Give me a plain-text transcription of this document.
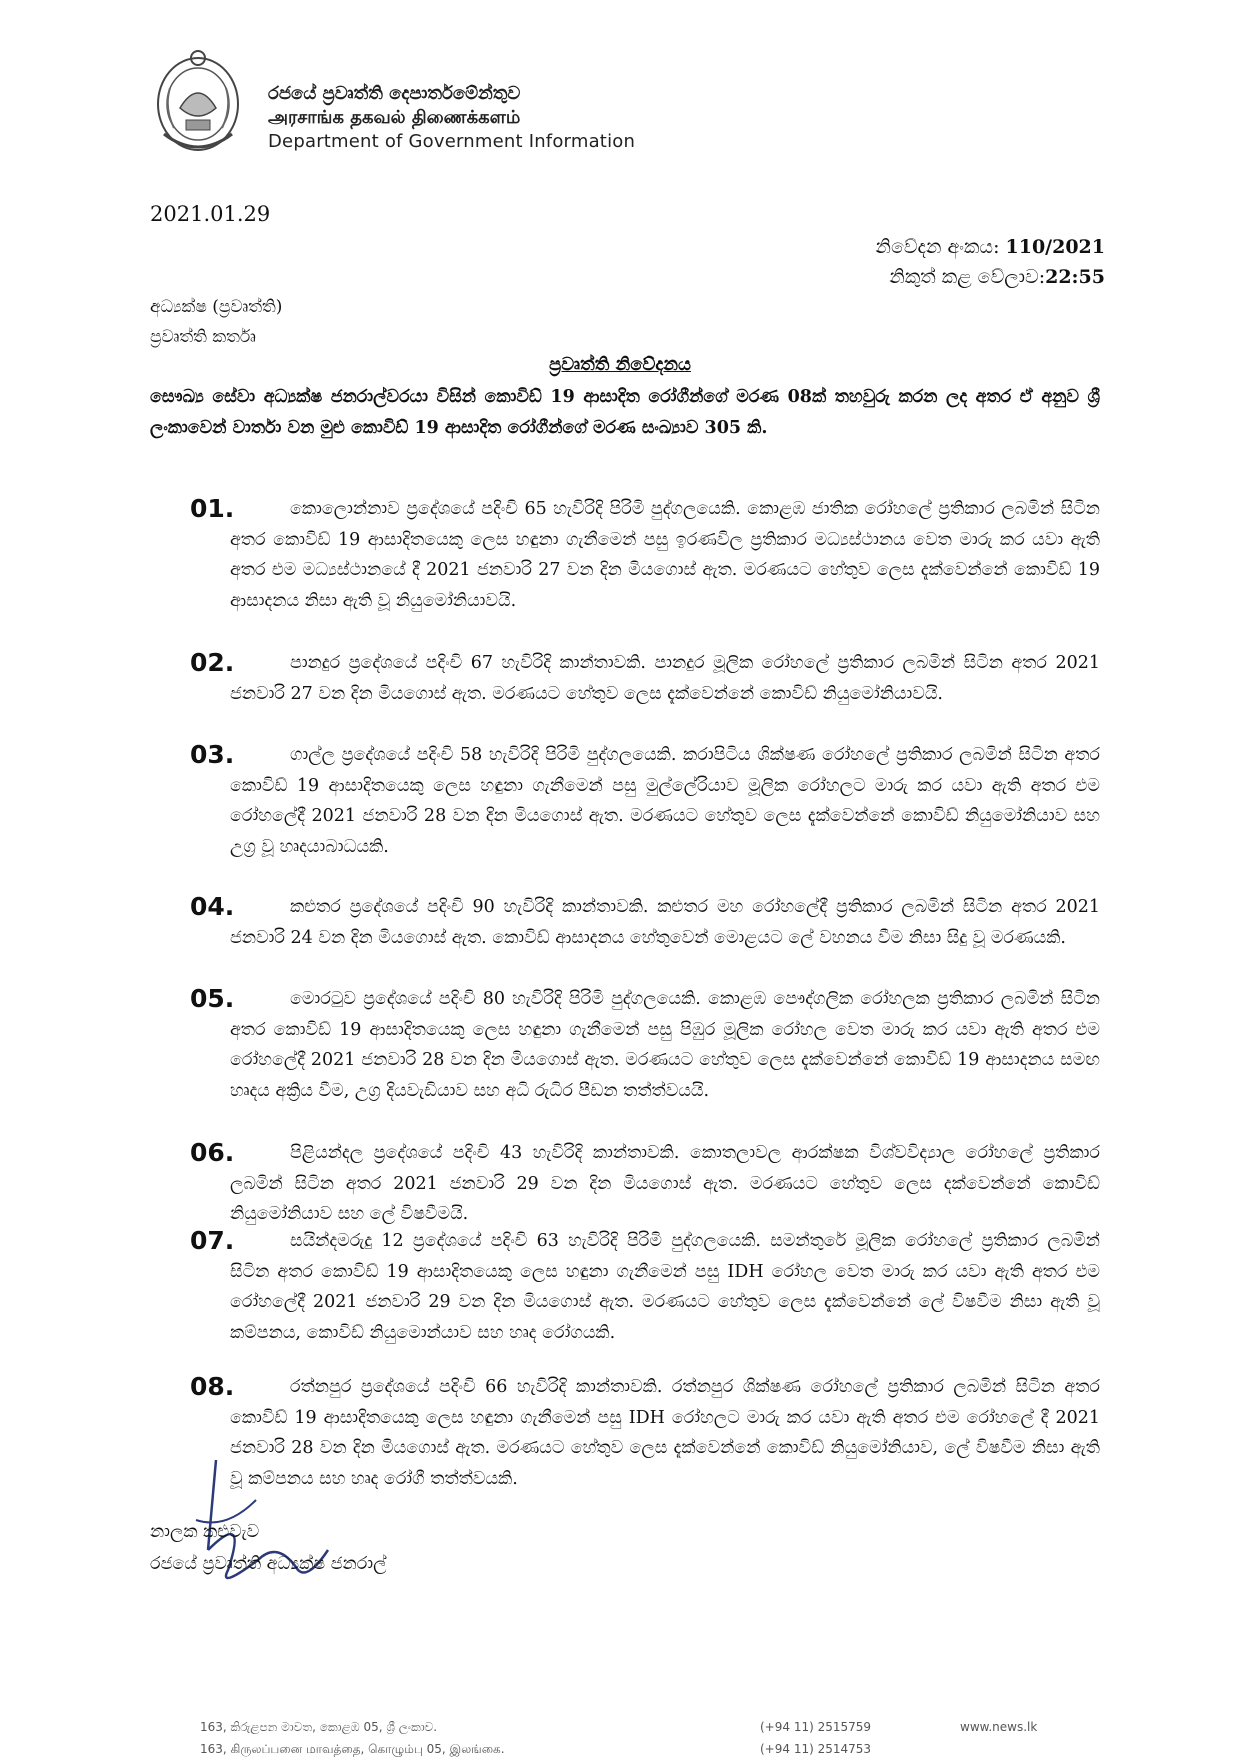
රජයේ ප්‍රවෘත්ති දෙපාර්තමේන්තුව
அரசாங்க தகவல் திணைக்களம்
Department of Government Information
2021.01.29
නිවේදන අංකය: 110/2021
නිකුත් කළ වේලාව:22:55
අධ්‍යක්ෂ (ප්‍රවෘත්ති)
ප්‍රවෘත්ති කර්තෘ
ප්‍රවෘත්ති නිවේදනය
සෞඛ්‍ය සේවා අධ්‍යක්ෂ ජනරාල්වරයා විසින් කොවිඩ් 19 ආසාදිත රෝගීන්ගේ මරණ 08ක් තහවුරු කරන ලද අතර ඒ අනුව ශ්‍රී ලංකාවෙන් වාර්තා වන මුළු කොවිඩ් 19 ආසාදිත රෝගීන්ගේ මරණ සංඛ්‍යාව 305 කි.
01.	කොලොන්නාව ප්‍රදේශයේ පදිංචි 65 හැවිරිදි පිරිමි පුද්ගලයෙකි. කොළඹ ජාතික රෝහලේ ප්‍රතිකාර ලබමින් සිටින අතර කොවිඩ් 19 ආසාදිතයෙකු ලෙස හඳුනා ගැනීමෙන් පසු ඉරණවිල ප්‍රතිකාර මධ්‍යස්ථානය වෙත මාරු කර යවා ඇති අතර එම මධ්‍යස්ථානයේ දී 2021 ජනවාරි 27 වන දින මියගොස් ඇත. මරණයට හේතුව ලෙස දැක්වෙන්නේ කොවිඩ් 19 ආසාදනය නිසා ඇති වූ නියුමෝනියාවයි.
02.	පානදුර ප්‍රදේශයේ පදිංචි 67 හැවිරිදි කාන්තාවකි. පානදුර මූලික රෝහලේ ප්‍රතිකාර ලබමින් සිටින අතර 2021 ජනවාරි 27 වන දින මියගොස් ඇත. මරණයට හේතුව ලෙස දැක්වෙන්නේ කොවිඩ් නියුමෝනියාවයි.
03.	ගාල්ල ප්‍රදේශයේ පදිංචි 58 හැවිරිදි පිරිමි පුද්ගලයෙකි. කරාපිටිය ශික්ෂණ රෝහලේ ප්‍රතිකාර ලබමින් සිටින අතර කොවිඩ් 19 ආසාදිතයෙකු ලෙස හඳුනා ගැනීමෙන් පසු මුල්ලේරියාව මූලික රෝහලට මාරු කර යවා ඇති අතර එම රෝහලේදී 2021 ජනවාරි 28 වන දින මියගොස් ඇත. මරණයට හේතුව ලෙස දැක්වෙන්නේ කොවිඩ් නියුමෝනියාව සහ උග්‍ර වූ හෘදයාබාධයකි.
04.	කළුතර ප්‍රදේශයේ පදිංචි 90 හැවිරිදි කාන්තාවකි. කළුතර මහ රෝහලේදී ප්‍රතිකාර ලබමින් සිටින අතර 2021 ජනවාරි 24 වන දින මියගොස් ඇත. කොවිඩ් ආසාදනය හේතුවෙන් මොළයට ලේ වහනය වීම නිසා සිදු වූ මරණයකි.
05.	මොරටුව ප්‍රදේශයේ පදිංචි 80 හැවිරිදි පිරිමි පුද්ගලයෙකි. කොළඹ පෞද්ගලික රෝහලක ප්‍රතිකාර ලබමින් සිටින අතර කොවිඩ් 19 ආසාදිතයෙකු ලෙස හඳුනා ගැනීමෙන් පසු පිඹුර මූලික රෝහල වෙත මාරු කර යවා ඇති අතර එම රෝහලේදී 2021 ජනවාරි 28 වන දින මියගොස් ඇත. මරණයට හේතුව ලෙස දැක්වෙන්නේ කොවිඩ් 19 ආසාදනය සමඟ හෘදය අක්‍රිය වීම, උග්‍ර දියවැඩියාව සහ අධි රුධිර පීඩන තත්ත්වයයි.
06.	පිළියන්දල ප්‍රදේශයේ පදිංචි 43 හැවිරිදි කාන්තාවකි. කොතලාවල ආරක්ෂක විශ්වවිද්‍යාල රෝහලේ ප්‍රතිකාර ලබමින් සිටින අතර 2021 ජනවාරි 29 වන දින මියගොස් ඇත. මරණයට හේතුව ලෙස දක්වෙන්නේ කොවිඩ් නියුමෝනියාව සහ ලේ විෂවීමයි.
07.	සයින්දමරුදු 12 ප්‍රදේශයේ පදිංචි 63 හැවිරිදි පිරිමි පුද්ගලයෙකි. සමන්තුරේ මූලික රෝහලේ ප්‍රතිකාර ලබමින් සිටින අතර කොවිඩ් 19 ආසාදිතයෙකු ලෙස හඳුනා ගැනීමෙන් පසු IDH රෝහල වෙත මාරු කර යවා ඇති අතර එම රෝහලේදී 2021 ජනවාරි 29 වන දින මියගොස් ඇත. මරණයට හේතුව ලෙස දැක්වෙන්නේ ලේ විෂවීම නිසා ඇති වූ කම්පනය, කොවිඩ් නියුමොන්යාව සහ හෘද රෝගයකි.
08.	රත්නපුර ප්‍රදේශයේ පදිංචි 66 හැවිරිදි කාන්තාවකි. රත්නපුර ශික්ෂණ රෝහලේ ප්‍රතිකාර ලබමින් සිටින අතර කොවිඩ් 19 ආසාදිතයෙකු ලෙස හඳුනා ගැනීමෙන් පසු IDH රෝහලට මාරු කර යවා ඇති අතර එම රෝහලේ දී 2021 ජනවාරි 28 වන දින මියගොස් ඇත. මරණයට හේතුව ලෙස දැක්වෙන්නේ කොවිඩ් නියුමෝනියාව, ලේ විෂවීම නිසා ඇති වූ කම්පනය සහ හෘද රෝගී තත්ත්වයකි.
නාලක කළුවැව
රජයේ ප්‍රවෘත්ති අධ්‍යක්ෂ ජනරාල්
163, කිරුළපන මාවත, කොළඹ 05, ශ්‍රී ලංකාව.
163, கிருலப்பனை மாவத்தை, கொழும்பு 05, இலங்கை.
(+94 11) 2515759
(+94 11) 2514753
www.news.lk
